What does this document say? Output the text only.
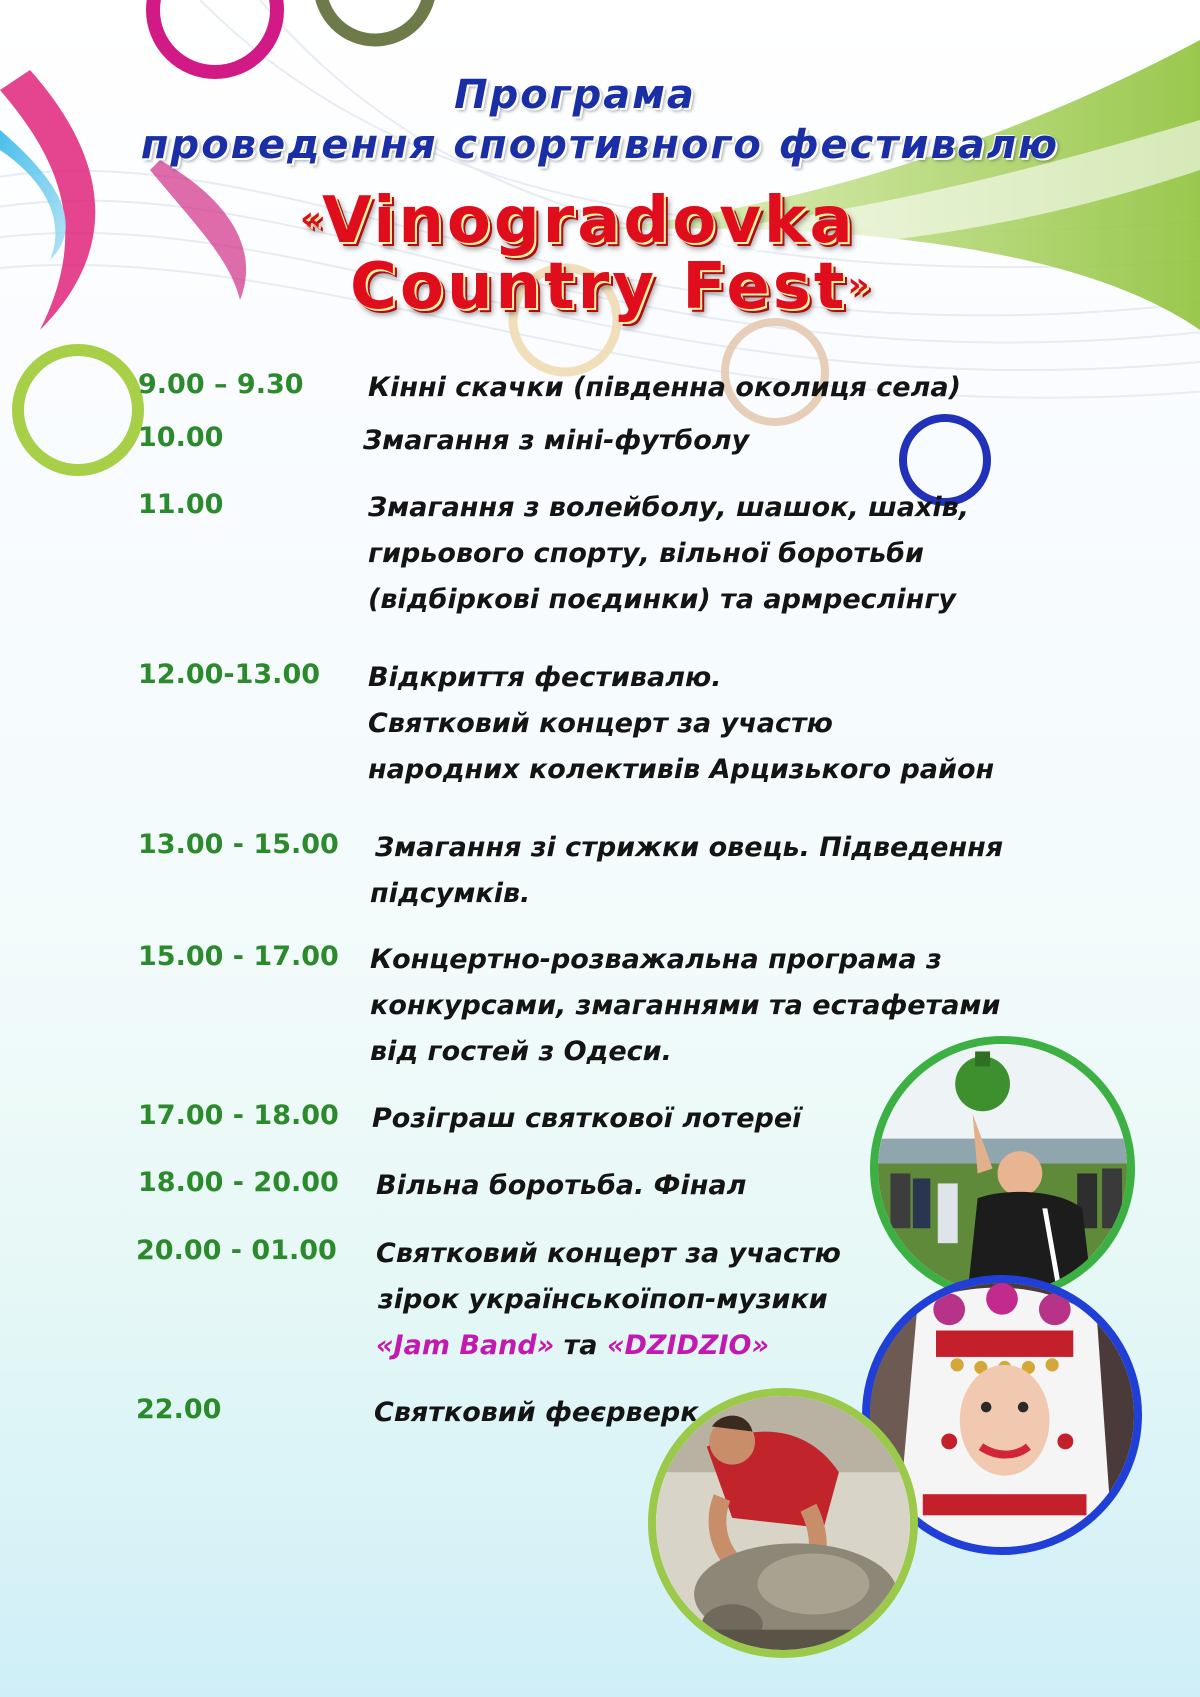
Програма
проведення спортивного фестивалю
«Vinogradovka
Country Fest»
9.00 – 9.30 Кінні скачки (південна околиця села)
10.00	Змагання з міні-футболу
11.00	Змагання з волейболу, шашок, шахів,
гирьового спорту, вільної боротьби
(відбіркові поєдинки) та армреслінгу
12.00-13.00 Відкриття фестивалю.
Святковий концерт за участю
народних колективів Арцизького район
13.00 - 15.00 Змагання зі стрижки овець. Підведення
підсумків.
15.00 - 17.00 Концертно-розважальна програма з
конкурсами, змаганнями та естафетами
від гостей з Одеси.
17.00 - 18.00 Розіграш святкової лотереї
18.00 - 20.00 Вільна боротьба. Фінал
20.00 - 01.00 Святковий концерт за участю
зірок українськоїпоп-музики
«Jam Band» та «DZIDZIO»
22.00	Святковий феєрверк
